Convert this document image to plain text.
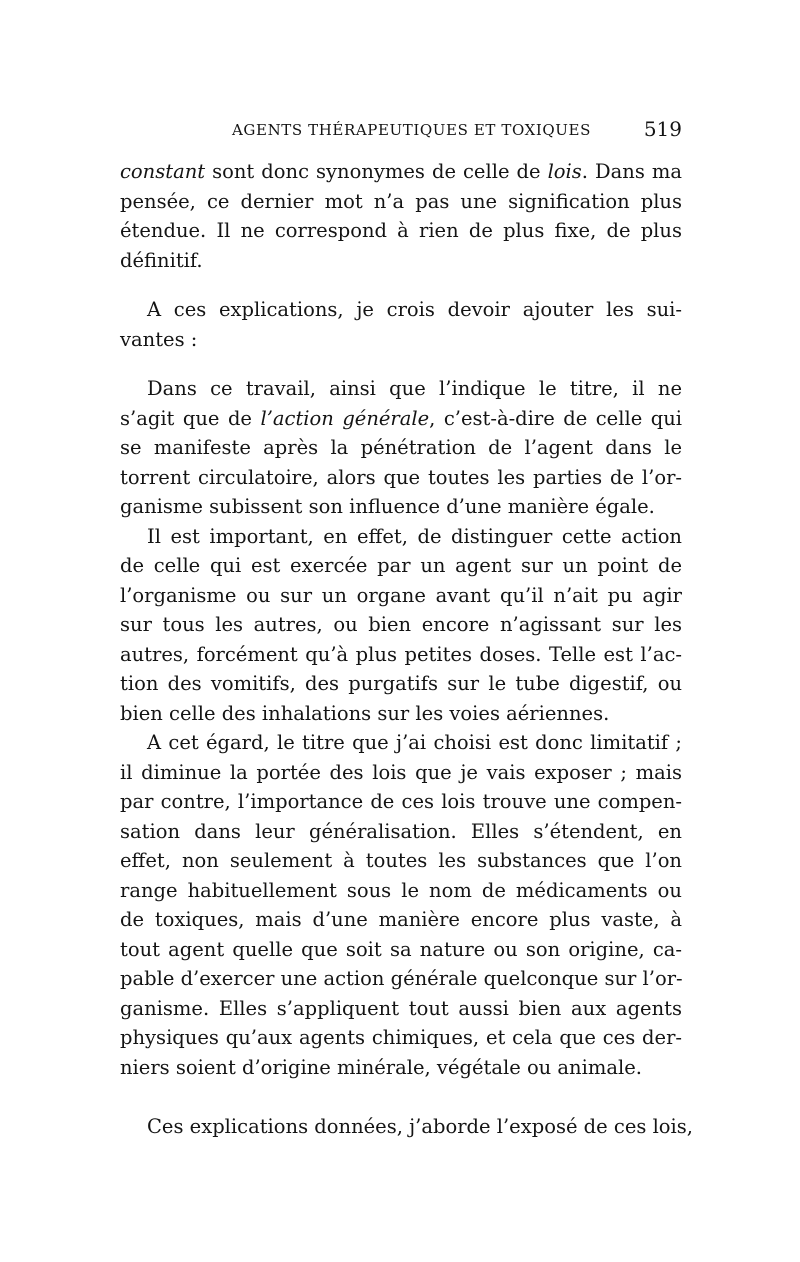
AGENTS THÉRAPEUTIQUES ET TOXIQUES	519
constant sont donc synonymes de celle de lois. Dans ma
pensée, ce dernier mot n’a pas une signification plus
étendue. Il ne correspond à rien de plus fixe, de plus
définitif.
A ces explications, je crois devoir ajouter les sui-
vantes :
Dans ce travail, ainsi que l’indique le titre, il ne
s’agit que de l’action générale, c’est-à-dire de celle qui
se manifeste après la pénétration de l’agent dans le
torrent circulatoire, alors que toutes les parties de l’or-
ganisme subissent son influence d’une manière égale.
Il est important, en effet, de distinguer cette action
de celle qui est exercée par un agent sur un point de
l’organisme ou sur un organe avant qu’il n’ait pu agir
sur tous les autres, ou bien encore n’agissant sur les
autres, forcément qu’à plus petites doses. Telle est l’ac-
tion des vomitifs, des purgatifs sur le tube digestif, ou
bien celle des inhalations sur les voies aériennes.
A cet égard, le titre que j’ai choisi est donc limitatif ;
il diminue la portée des lois que je vais exposer ; mais
par contre, l’importance de ces lois trouve une compen-
sation dans leur généralisation. Elles s’étendent, en
effet, non seulement à toutes les substances que l’on
range habituellement sous le nom de médicaments ou
de toxiques, mais d’une manière encore plus vaste, à
tout agent quelle que soit sa nature ou son origine, ca-
pable d’exercer une action générale quelconque sur l’or-
ganisme. Elles s’appliquent tout aussi bien aux agents
physiques qu’aux agents chimiques, et cela que ces der-
niers soient d’origine minérale, végétale ou animale.
Ces explications données, j’aborde l’exposé de ces lois,
